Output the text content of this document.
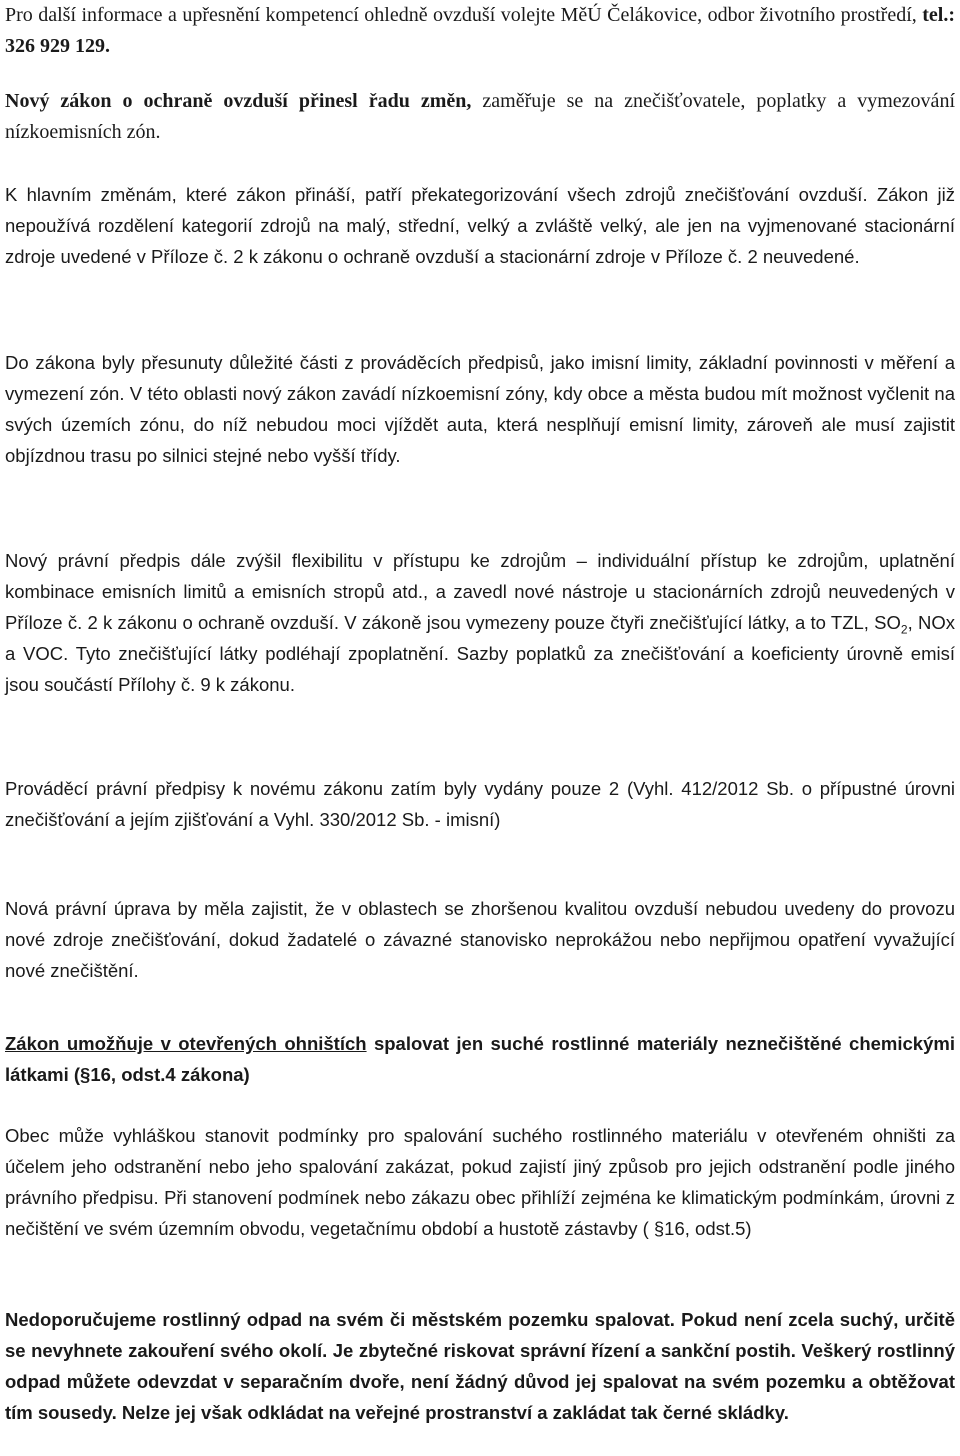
Pro další informace a upřesnění kompetencí ohledně ovzduší volejte MěÚ Čelákovice, odbor životního prostředí, tel.: 326 929 129.

Nový zákon o ochraně ovzduší přinesl řadu změn, zaměřuje se na znečišťovatele, poplatky a vymezování nízkoemisních zón.

K hlavním změnám, které zákon přináší, patří překategorizování všech zdrojů znečišťování ovzduší. Zákon již nepoužívá rozdělení kategorií zdrojů na malý, střední, velký a zvláště velký, ale jen na vyjmenované stacionární zdroje uvedené v Příloze č. 2 k zákonu o ochraně ovzduší a stacionární zdroje v Příloze č. 2 neuvedené.

Do zákona byly přesunuty důležité části z prováděcích předpisů, jako imisní limity, základní povinnosti v měření a vymezení zón. V této oblasti nový zákon zavádí nízkoemisní zóny, kdy obce a města budou mít možnost vyčlenit na svých územích zónu, do níž nebudou moci vjíždět auta, která nesplňují emisní limity, zároveň ale musí zajistit objízdnou trasu po silnici stejné nebo vyšší třídy.

Nový právní předpis dále zvýšil flexibilitu v přístupu ke zdrojům – individuální přístup ke zdrojům, uplatnění kombinace emisních limitů a emisních stropů atd., a zavedl nové nástroje u stacionárních zdrojů neuvedených v Příloze č. 2 k zákonu o ochraně ovzduší. V zákoně jsou vymezeny pouze čtyři znečišťující látky, a to TZL, $SO_2$, NOx a VOC. Tyto znečišťující látky podléhají zpoplatnění. Sazby poplatků za znečišťování a koeficienty úrovně emisí jsou součástí Přílohy č. 9 k zákonu.

Prováděcí právní předpisy k novému zákonu zatím byly vydány pouze 2 (Vyhl. 412/2012 Sb. o přípustné úrovni znečišťování a jejím zjišťování a Vyhl. 330/2012 Sb. - imisní)

Nová právní úprava by měla zajistit, že v oblastech se zhoršenou kvalitou ovzduší nebudou uvedeny do provozu nové zdroje znečišťování, dokud žadatelé o závazné stanovisko neprokážou nebo nepřijmou opatření vyvažující nové znečištění.

Zákon umožňuje v otevřených ohništích spalovat jen suché rostlinné materiály neznečištěné chemickými látkami (§16, odst.4 zákona)

Obec může vyhláškou stanovit podmínky pro spalování suchého rostlinného materiálu v otevřeném ohništi za účelem jeho odstranění nebo jeho spalování zakázat, pokud zajistí jiný způsob pro jejich odstranění podle jiného právního předpisu. Při stanovení podmínek nebo zákazu obec přihlíží zejména ke klimatickým podmínkám, úrovni z nečištění ve svém územním obvodu, vegetačnímu období a hustotě zástavby ( §16, odst.5)

Nedoporučujeme rostlinný odpad na svém či městském pozemku spalovat. Pokud není zcela suchý, určitě se nevyhnete zakouření svého okolí. Je zbytečné riskovat správní řízení a sankční postih. Veškerý rostlinný odpad můžete odevzdat v separačním dvoře, není žádný důvod jej spalovat na svém pozemku a obtěžovat tím sousedy. Nelze jej však odkládat na veřejné prostranství a zakládat tak černé skládky.
